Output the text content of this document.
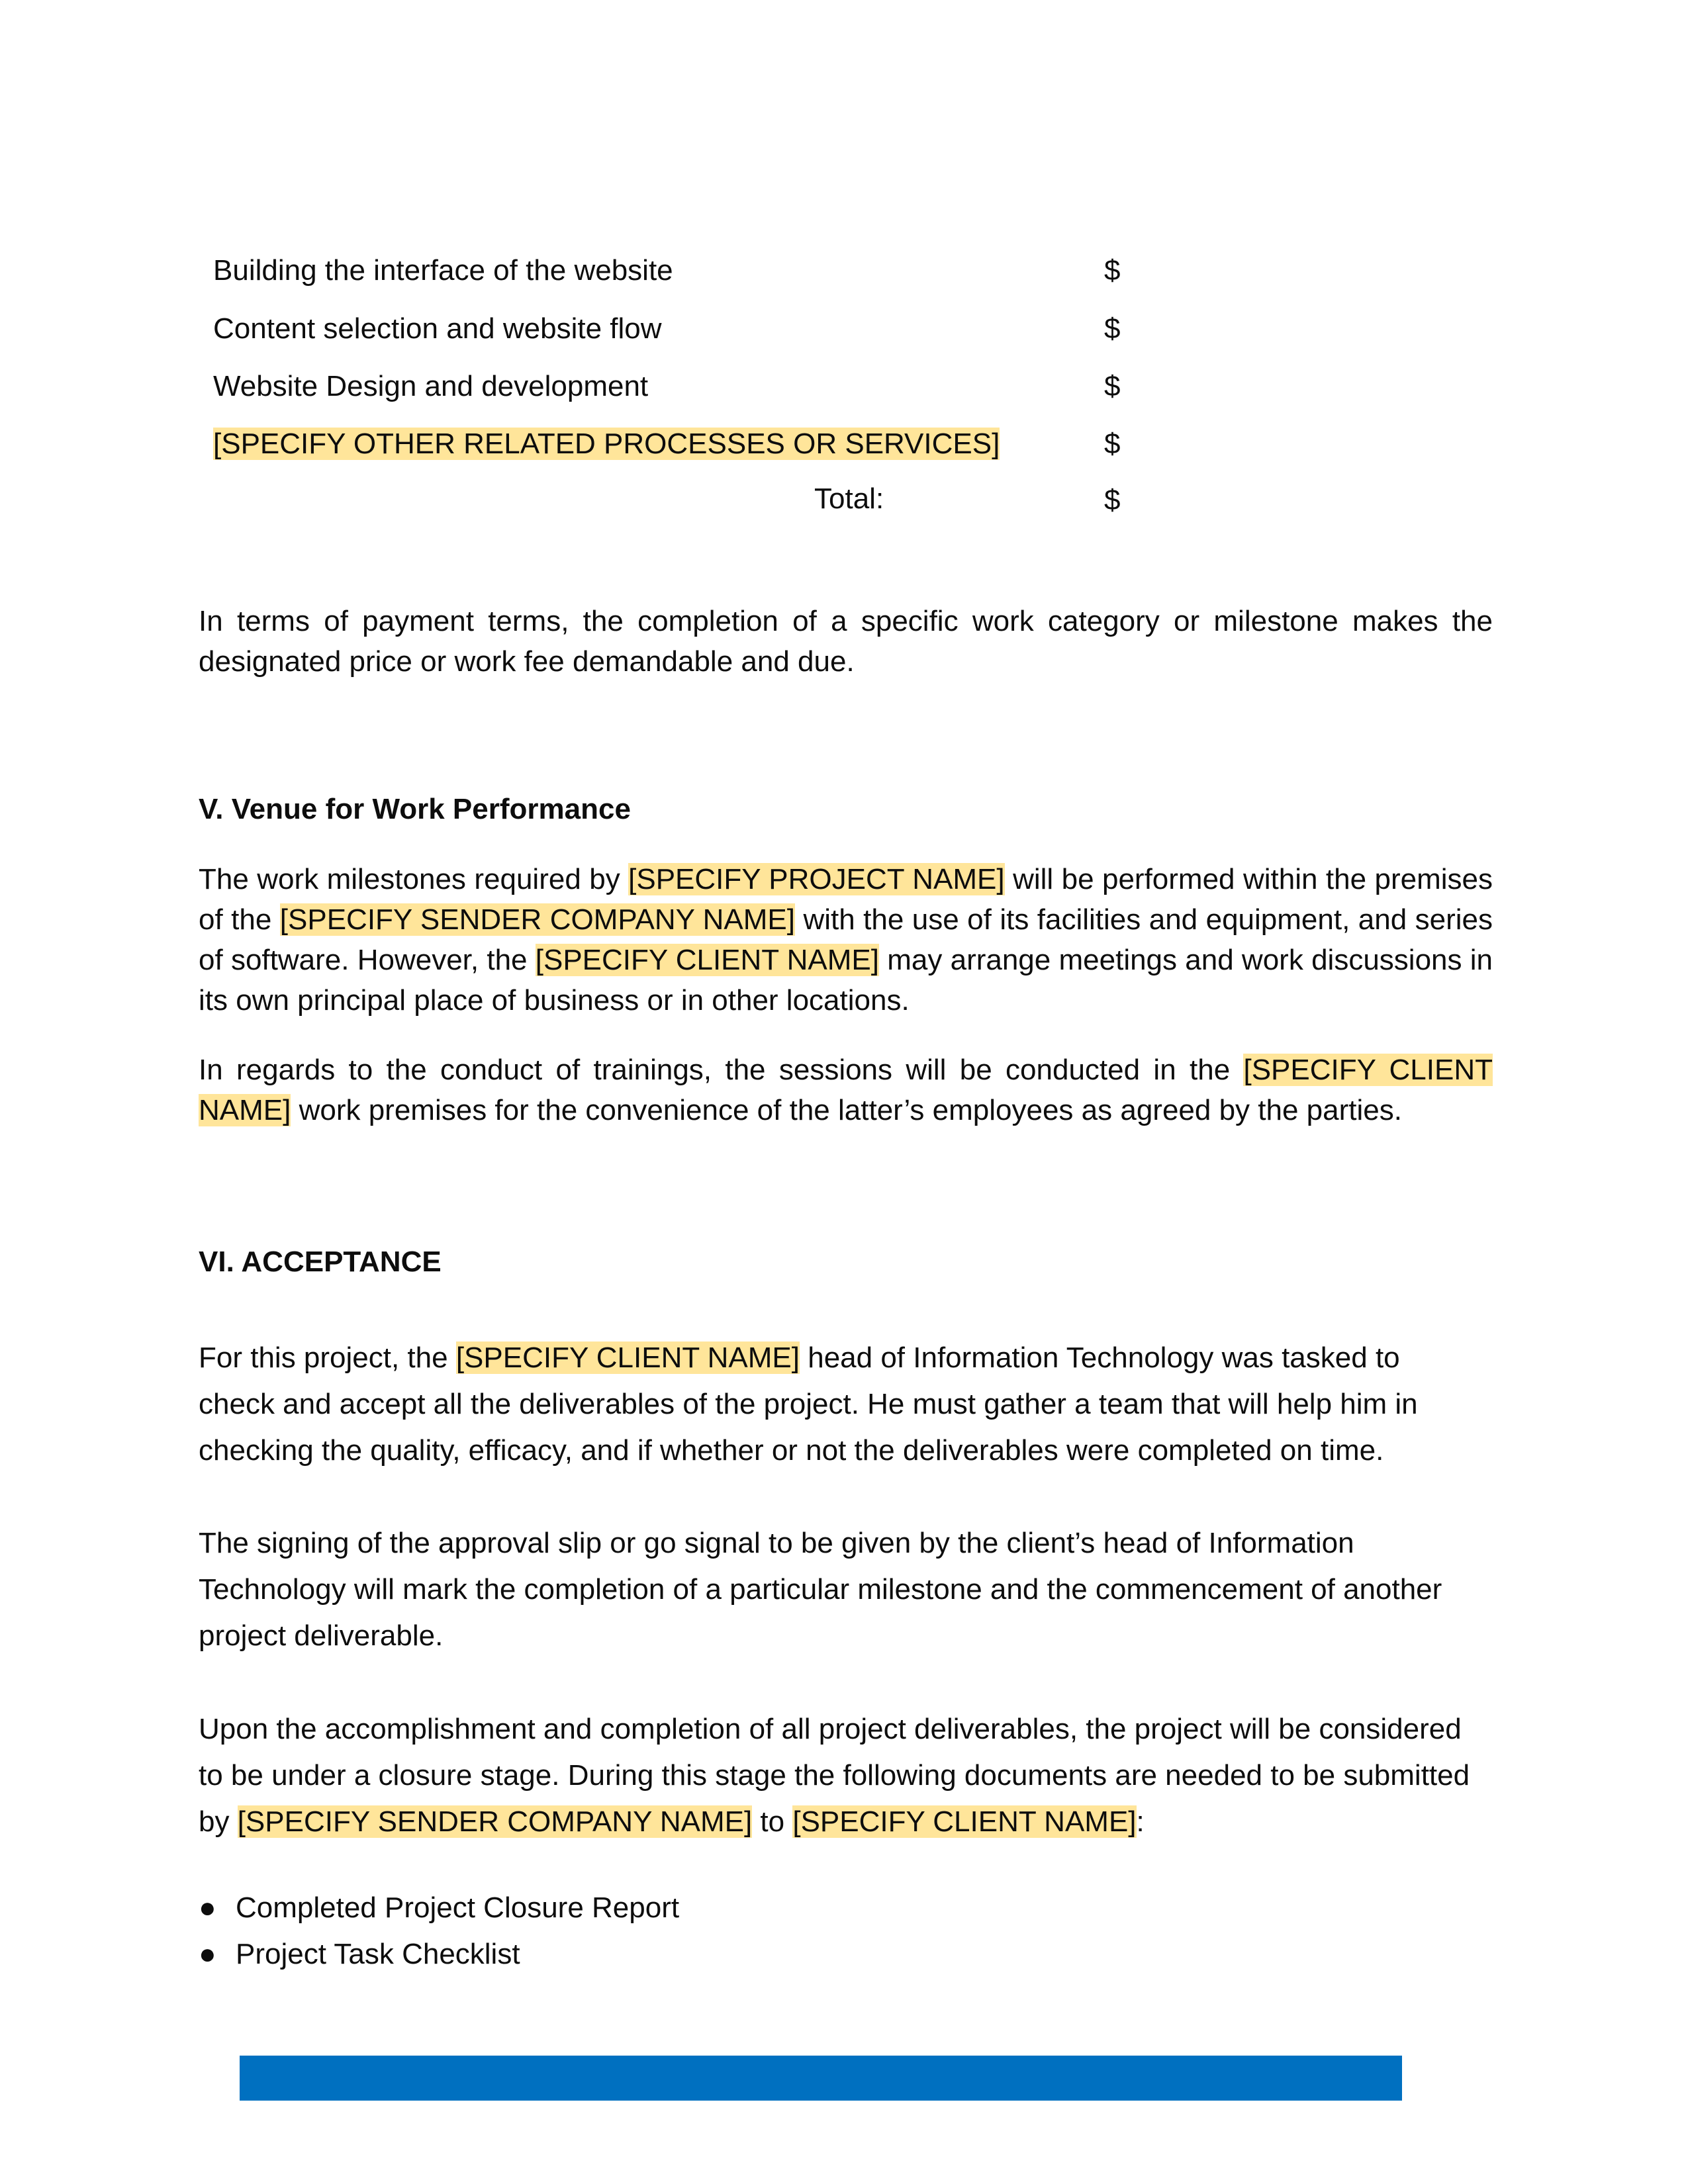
Building the interface of the website	$
Content selection and website flow	$
Website Design and development	$
[SPECIFY OTHER RELATED PROCESSES OR SERVICES]	$
Total:	$
In terms of payment terms, the completion of a specific work category or milestone makes the designated price or work fee demandable and due.
V. Venue for Work Performance
The work milestones required by [SPECIFY PROJECT NAME] will be performed within the premises of the [SPECIFY SENDER COMPANY NAME] with the use of its facilities and equipment, and series of software. However, the [SPECIFY CLIENT NAME] may arrange meetings and work discussions in its own principal place of business or in other locations.
In regards to the conduct of trainings, the sessions will be conducted in the [SPECIFY CLIENT NAME] work premises for the convenience of the latter’s employees as agreed by the parties.
VI. ACCEPTANCE
For this project, the [SPECIFY CLIENT NAME] head of Information Technology was tasked to check and accept all the deliverables of the project. He must gather a team that will help him in checking the quality, efficacy, and if whether or not the deliverables were completed on time.
The signing of the approval slip or go signal to be given by the client’s head of Information Technology will mark the completion of a particular milestone and the commencement of another project deliverable.
Upon the accomplishment and completion of all project deliverables, the project will be considered to be under a closure stage. During this stage the following documents are needed to be submitted by [SPECIFY SENDER COMPANY NAME] to [SPECIFY CLIENT NAME]:
● Completed Project Closure Report
● Project Task Checklist
